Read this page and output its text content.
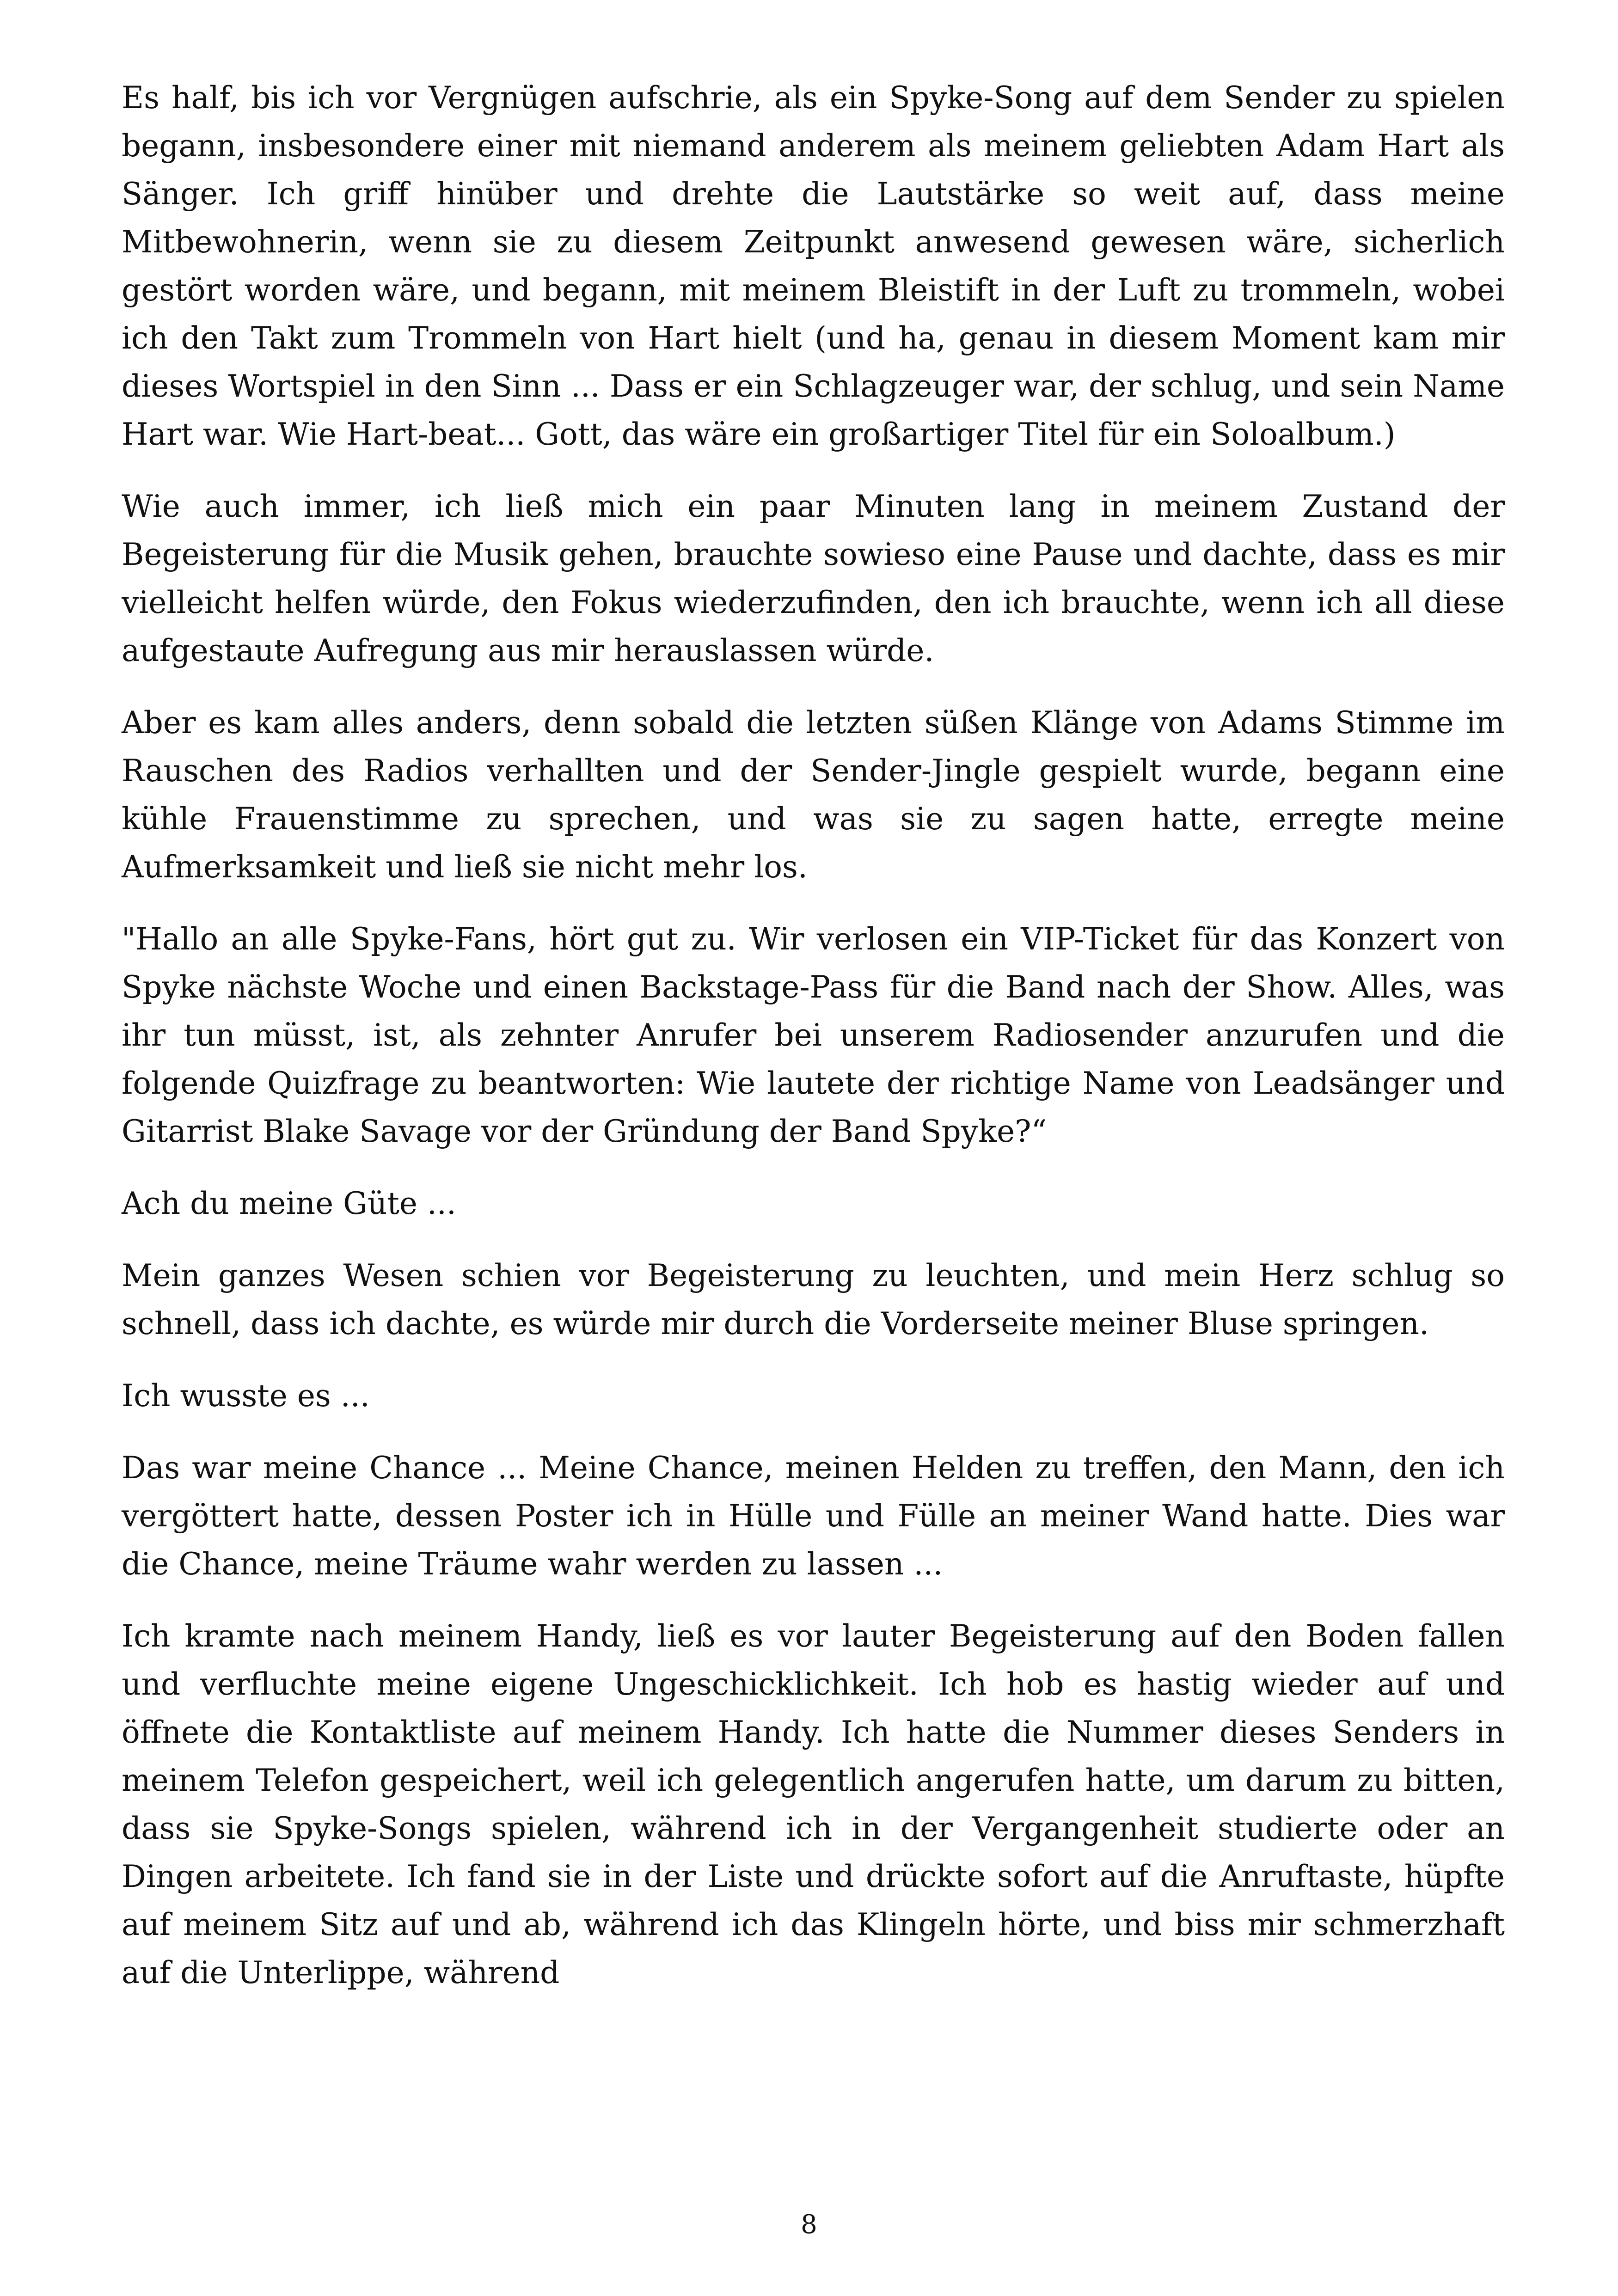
Es half, bis ich vor Vergnügen aufschrie, als ein Spyke-Song auf dem Sender zu spielen begann, insbesondere einer mit niemand anderem als meinem geliebten Adam Hart als Sänger. Ich griff hinüber und drehte die Lautstärke so weit auf, dass meine Mitbewohnerin, wenn sie zu diesem Zeitpunkt anwesend gewesen wäre, sicherlich gestört worden wäre, und begann, mit meinem Bleistift in der Luft zu trommeln, wobei ich den Takt zum Trommeln von Hart hielt (und ha, genau in diesem Moment kam mir dieses Wortspiel in den Sinn ... Dass er ein Schlagzeuger war, der schlug, und sein Name Hart war. Wie Hart-beat... Gott, das wäre ein großartiger Titel für ein Soloalbum.)

Wie auch immer, ich ließ mich ein paar Minuten lang in meinem Zustand der Begeisterung für die Musik gehen, brauchte sowieso eine Pause und dachte, dass es mir vielleicht helfen würde, den Fokus wiederzufinden, den ich brauchte, wenn ich all diese aufgestaute Aufregung aus mir herauslassen würde.

Aber es kam alles anders, denn sobald die letzten süßen Klänge von Adams Stimme im Rauschen des Radios verhallten und der Sender-Jingle gespielt wurde, begann eine kühle Frauenstimme zu sprechen, und was sie zu sagen hatte, erregte meine Aufmerksamkeit und ließ sie nicht mehr los.

"Hallo an alle Spyke-Fans, hört gut zu. Wir verlosen ein VIP-Ticket für das Konzert von Spyke nächste Woche und einen Backstage-Pass für die Band nach der Show. Alles, was ihr tun müsst, ist, als zehnter Anrufer bei unserem Radiosender anzurufen und die folgende Quizfrage zu beantworten: Wie lautete der richtige Name von Leadsänger und Gitarrist Blake Savage vor der Gründung der Band Spyke?“

Ach du meine Güte ...

Mein ganzes Wesen schien vor Begeisterung zu leuchten, und mein Herz schlug so schnell, dass ich dachte, es würde mir durch die Vorderseite meiner Bluse springen.

Ich wusste es ...

Das war meine Chance ... Meine Chance, meinen Helden zu treffen, den Mann, den ich vergöttert hatte, dessen Poster ich in Hülle und Fülle an meiner Wand hatte. Dies war die Chance, meine Träume wahr werden zu lassen ...

Ich kramte nach meinem Handy, ließ es vor lauter Begeisterung auf den Boden fallen und verfluchte meine eigene Ungeschicklichkeit. Ich hob es hastig wieder auf und öffnete die Kontaktliste auf meinem Handy. Ich hatte die Nummer dieses Senders in meinem Telefon gespeichert, weil ich gelegentlich angerufen hatte, um darum zu bitten, dass sie Spyke-Songs spielen, während ich in der Vergangenheit studierte oder an Dingen arbeitete. Ich fand sie in der Liste und drückte sofort auf die Anruftaste, hüpfte auf meinem Sitz auf und ab, während ich das Klingeln hörte, und biss mir schmerzhaft auf die Unterlippe, während

8
